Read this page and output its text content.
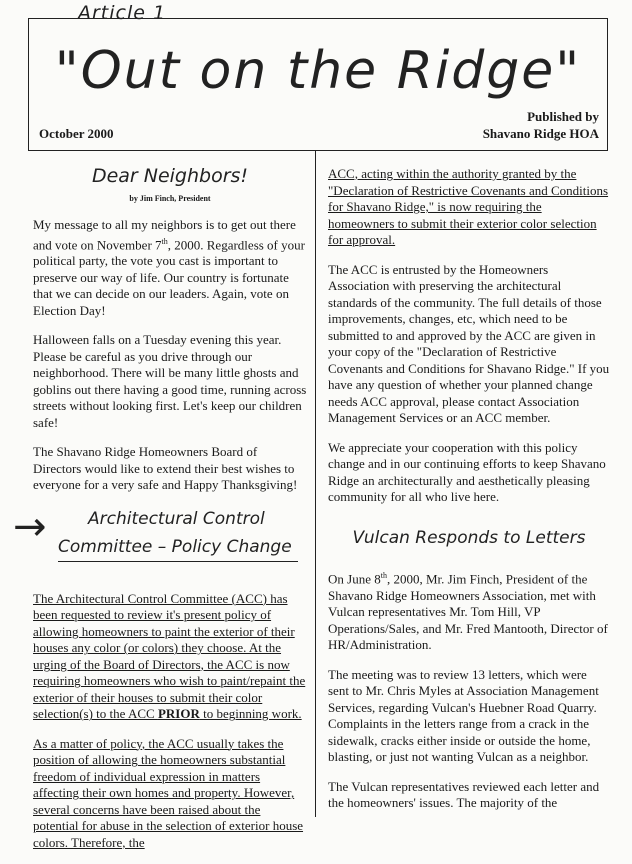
Article 1
"Out on the Ridge"
October 2000
Published by
Shavano Ridge HOA
Dear Neighbors!
by Jim Finch, President

My message to all my neighbors is to get out there and vote on November 7th, 2000. Regardless of your political party, the vote you cast is important to preserve our way of life. Our country is fortunate that we can decide on our leaders. Again, vote on Election Day!

Halloween falls on a Tuesday evening this year. Please be careful as you drive through our neighborhood. There will be many little ghosts and goblins out there having a good time, running across streets without looking first. Let's keep our children safe!

The Shavano Ridge Homeowners Board of Directors would like to extend their best wishes to everyone for a very safe and Happy Thanksgiving!

→ Architectural Control
Committee – Policy Change

The Architectural Control Committee (ACC) has been requested to review it's present policy of allowing homeowners to paint the exterior of their houses any color (or colors) they choose. At the urging of the Board of Directors, the ACC is now requiring homeowners who wish to paint/repaint the exterior of their houses to submit their color selection(s) to the ACC PRIOR to beginning work.

As a matter of policy, the ACC usually takes the position of allowing the homeowners substantial freedom of individual expression in matters affecting their own homes and property. However, several concerns have been raised about the potential for abuse in the selection of exterior house colors. Therefore, the

ACC, acting within the authority granted by the "Declaration of Restrictive Covenants and Conditions for Shavano Ridge," is now requiring the homeowners to submit their exterior color selection for approval.

The ACC is entrusted by the Homeowners Association with preserving the architectural standards of the community. The full details of those improvements, changes, etc, which need to be submitted to and approved by the ACC are given in your copy of the "Declaration of Restrictive Covenants and Conditions for Shavano Ridge." If you have any question of whether your planned change needs ACC approval, please contact Association Management Services or an ACC member.

We appreciate your cooperation with this policy change and in our continuing efforts to keep Shavano Ridge an architecturally and aesthetically pleasing community for all who live here.

Vulcan Responds to Letters

On June 8th, 2000, Mr. Jim Finch, President of the Shavano Ridge Homeowners Association, met with Vulcan representatives Mr. Tom Hill, VP Operations/Sales, and Mr. Fred Mantooth, Director of HR/Administration.

The meeting was to review 13 letters, which were sent to Mr. Chris Myles at Association Management Services, regarding Vulcan's Huebner Road Quarry. Complaints in the letters range from a crack in the sidewalk, cracks either inside or outside the home, blasting, or just not wanting Vulcan as a neighbor.

The Vulcan representatives reviewed each letter and the homeowners' issues. The majority of the
